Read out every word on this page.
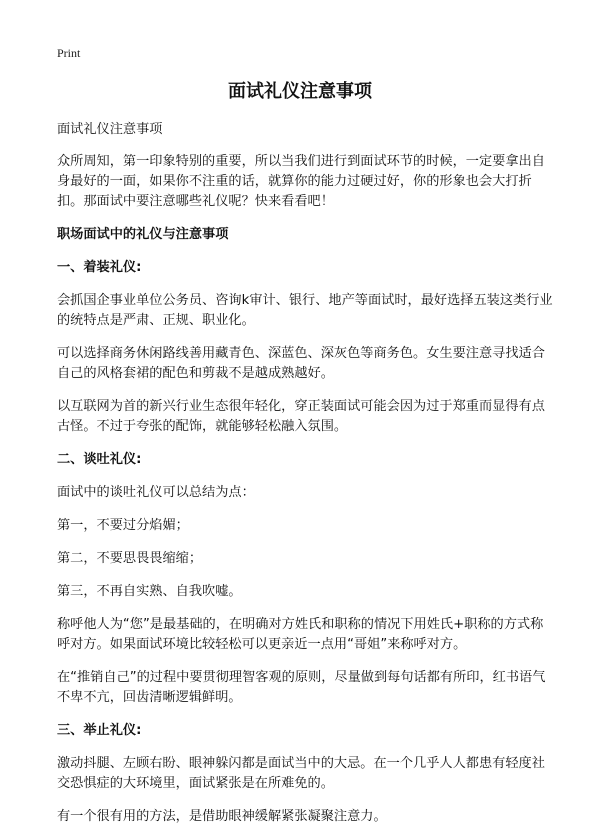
Print
面试礼仪注意事项

面试礼仪注意事项

众所周知，第一印象特别的重要，所以当我们进行到面试环节的时候，一定要拿出自身最好的一面，如果你不注重的话，就算你的能力过硬过好，你的形象也会大打折扣。那面试中要注意哪些礼仪呢？快来看看吧！

职场面试中的礼仪与注意事项
一、着装礼仪:

会抓国企事业单位公务员、咨询k审计、银行、地产等面试时，最好选择五装这类行业的统特点是严肃、正规、职业化。

可以选择商务休闲路线善用藏青色、深蓝色、深灰色等商务色。女生要注意寻找适合自己的风格套裙的配色和剪裁不是越成熟越好。

以互联网为首的新兴行业生态很年轻化，穿正装面试可能会因为过于郑重而显得有点古怪。不过于夸张的配饰，就能够轻松融入氛围。

二、谈吐礼仪:

面试中的谈吐礼仪可以总结为点：

第一，不要过分焰媚；

第二，不要思畏畏缩缩；

第三，不再自实熟、自我吹嘘。

称呼他人为“您”是最基础的，在明确对方姓氏和职称的情况下用姓氏+职称的方式称呼对方。如果面试环境比较轻松可以更亲近一点用“哥姐”来称呼对方。

在“推销自己”的过程中要贯彻理智客观的原则，尽量做到每句话都有所印，红书语气不卑不亢，回齿清晰逻辑鲜明。

三、举止礼仪:

激动抖腿、左顾右盼、眼神躲闪都是面试当中的大忌。在一个几乎人人都患有轻度社交恐惧症的大环境里，面试紧张是在所难免的。

有一个很有用的方法，是借助眼神缓解紧张凝聚注意力。
